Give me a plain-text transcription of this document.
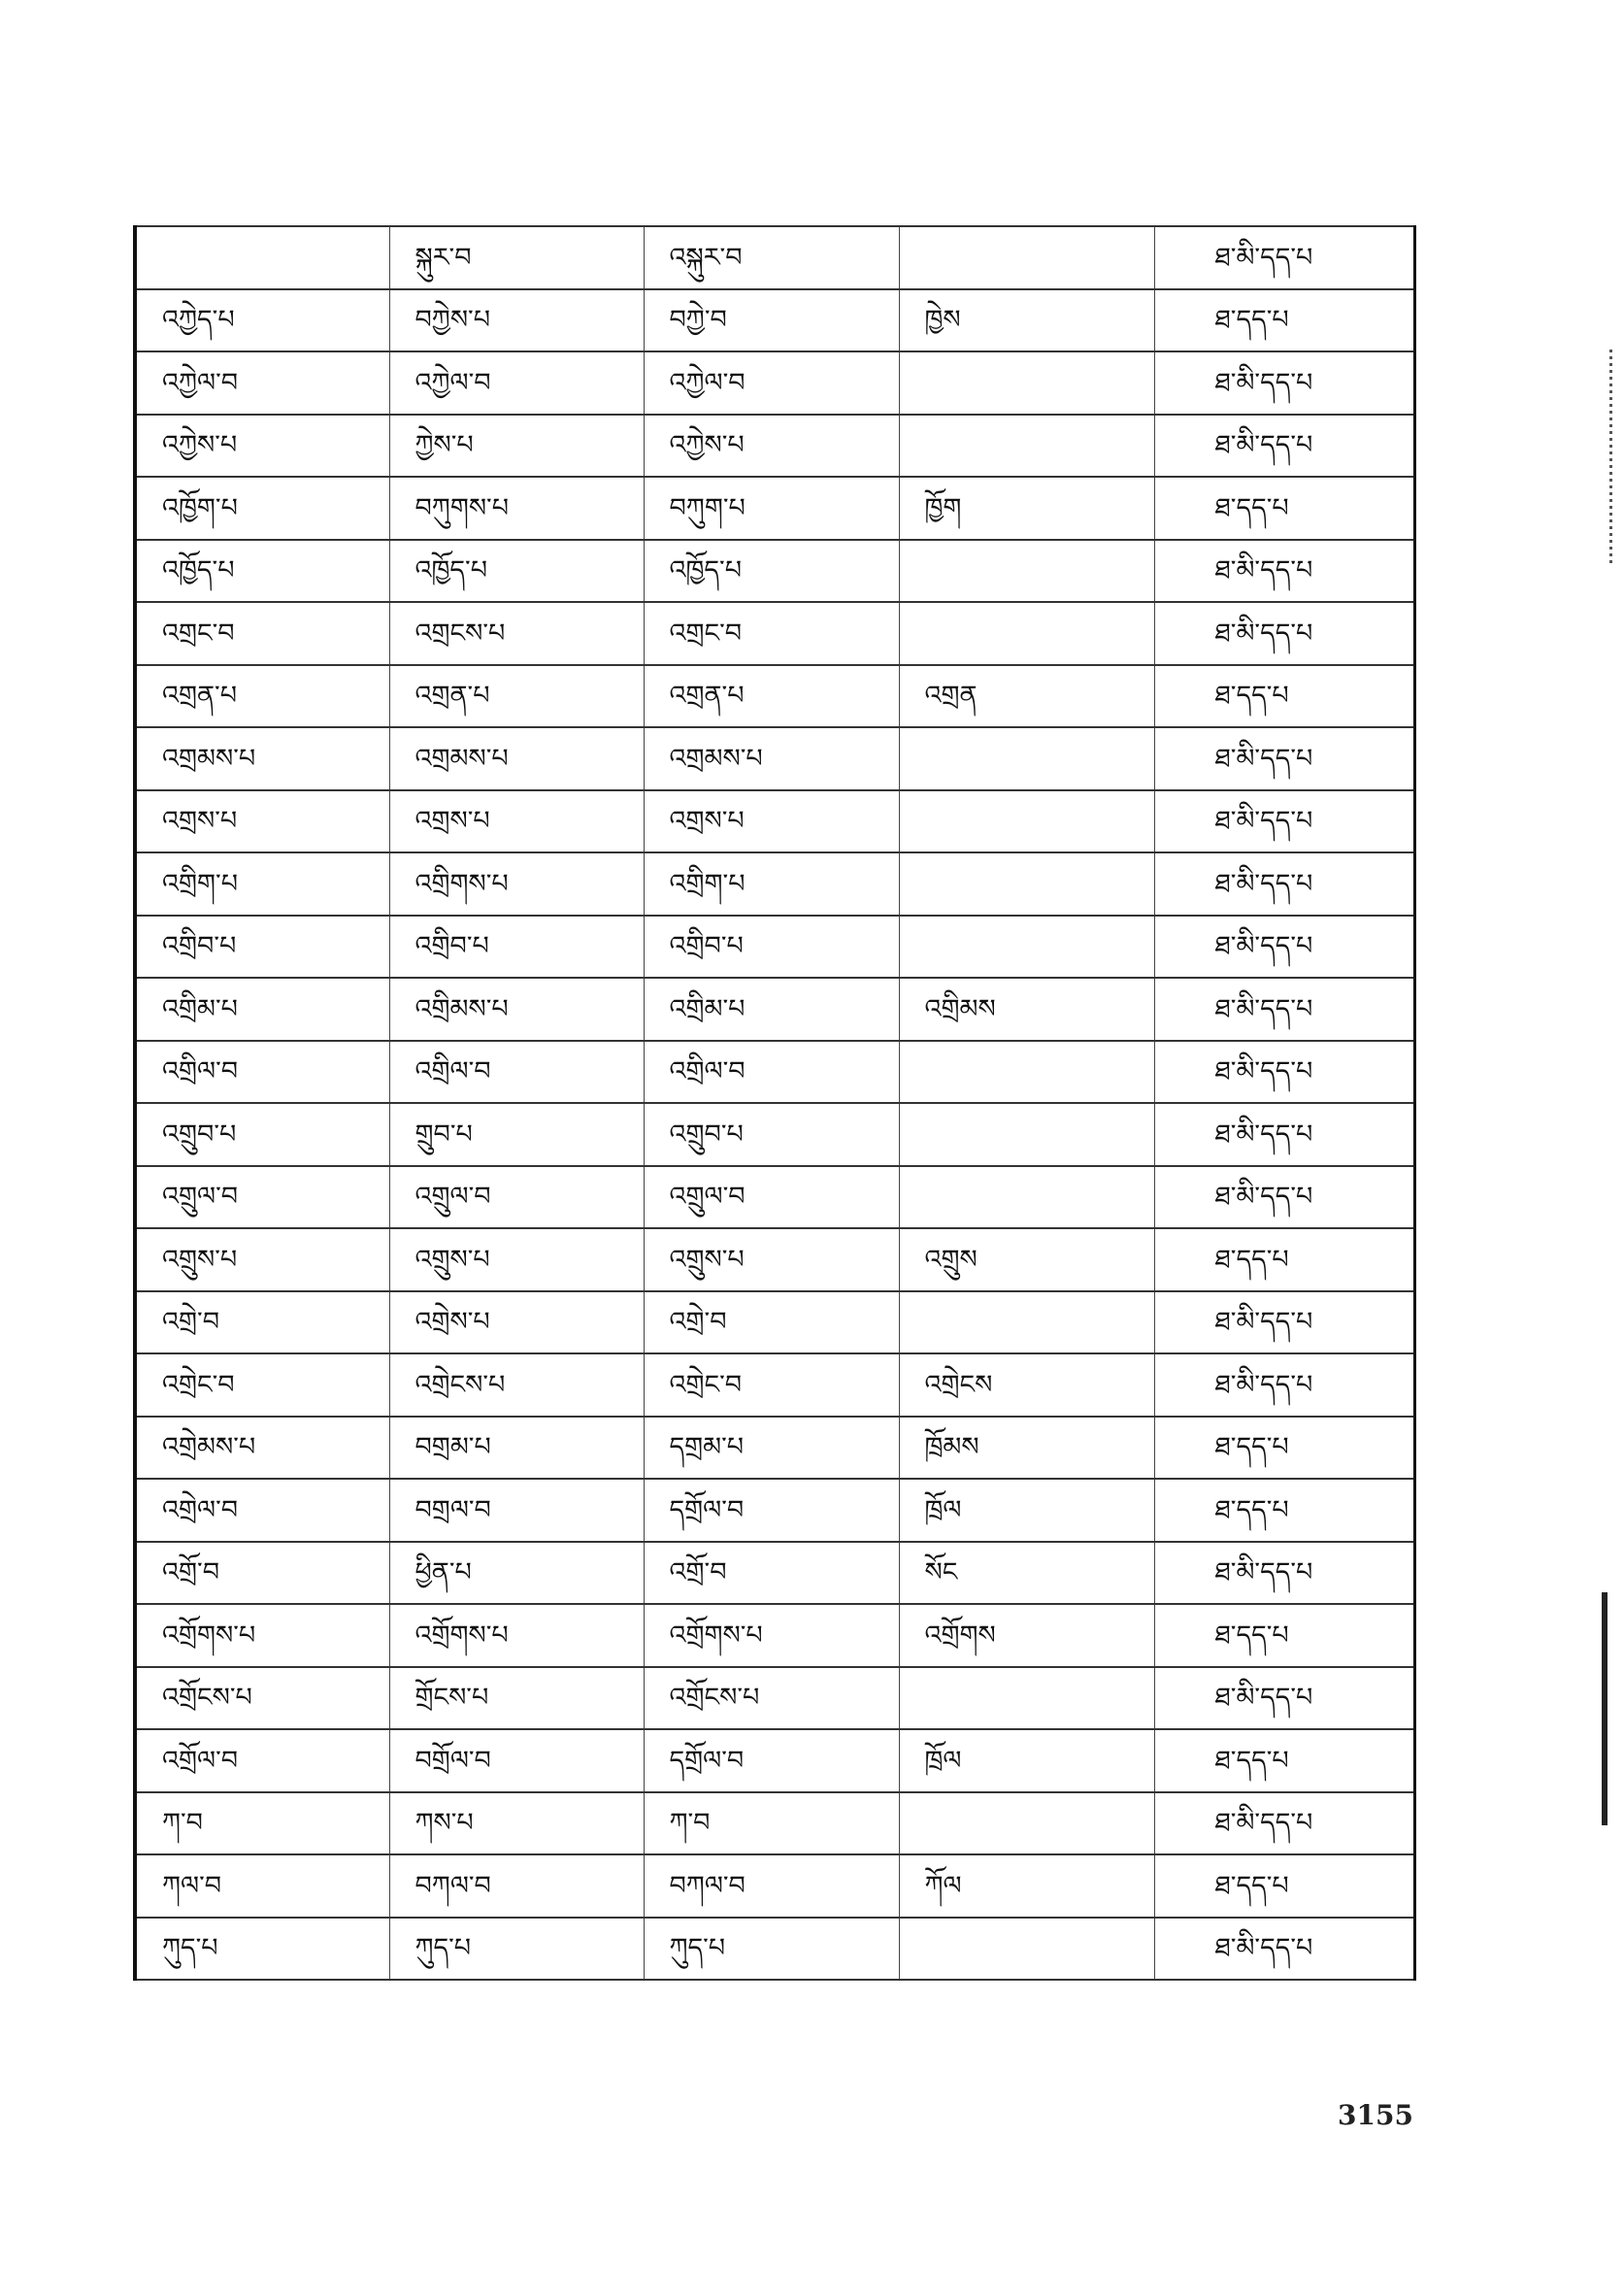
	སྐུར་བ	འསྐུར་བ		ཐ་མི་དད་པ
འཀྱེད་པ	བཀྱེས་པ	བཀྱེ་བ	ཁྱེས	ཐ་དད་པ
འཀྱེལ་བ	འཀྱེལ་བ	འཀྱེལ་བ		ཐ་མི་དད་པ
འཀྱེས་པ	ཀྱེས་པ	འཀྱེས་པ		ཐ་མི་དད་པ
འཁྱོག་པ	བཀུགས་པ	བཀུག་པ	ཁྱོག	ཐ་དད་པ
འཁྱོད་པ	འཁྱོད་པ	འཁྱོད་པ		ཐ་མི་དད་པ
འགྲང་བ	འགྲངས་པ	འགྲང་བ		ཐ་མི་དད་པ
འགྲན་པ	འགྲན་པ	འགྲན་པ	འགྲན	ཐ་དད་པ
འགྲམས་པ	འགྲམས་པ	འགྲམས་པ		ཐ་མི་དད་པ
འགྲས་པ	འགྲས་པ	འགྲས་པ		ཐ་མི་དད་པ
འགྲིག་པ	འགྲིགས་པ	འགྲིག་པ		ཐ་མི་དད་པ
འགྲིབ་པ	འགྲིབ་པ	འགྲིབ་པ		ཐ་མི་དད་པ
འགྲིམ་པ	འགྲིམས་པ	འགྲིམ་པ	འགྲིམས	ཐ་མི་དད་པ
འགྲིལ་བ	འགྲིལ་བ	འགྲིལ་བ		ཐ་མི་དད་པ
འགྲུབ་པ	གྲུབ་པ	འགྲུབ་པ		ཐ་མི་དད་པ
འགྲུལ་བ	འགྲུལ་བ	འགྲུལ་བ		ཐ་མི་དད་པ
འགྲུས་པ	འགྲུས་པ	འགྲུས་པ	འགྲུས	ཐ་དད་པ
འགྲེ་བ	འགྲེས་པ	འགྲེ་བ		ཐ་མི་དད་པ
འགྲེང་བ	འགྲེངས་པ	འགྲེང་བ	འགྲེངས	ཐ་མི་དད་པ
འགྲེམས་པ	བགྲམ་པ	དགྲམ་པ	ཁྲོམས	ཐ་དད་པ
འགྲེལ་བ	བགྲལ་བ	དགྲོལ་བ	ཁྲོལ	ཐ་དད་པ
འགྲོ་བ	ཕྱིན་པ	འགྲོ་བ	སོང	ཐ་མི་དད་པ
འགྲོགས་པ	འགྲོགས་པ	འགྲོགས་པ	འགྲོགས	ཐ་དད་པ
འགྲོངས་པ	གྲོངས་པ	འགྲོངས་པ		ཐ་མི་དད་པ
འགྲོལ་བ	བགྲོལ་བ	དགྲོལ་བ	ཁྲོལ	ཐ་དད་པ
ཀ་བ	ཀས་པ	ཀ་བ		ཐ་མི་དད་པ
ཀལ་བ	བཀལ་བ	བཀལ་བ	ཀོལ	ཐ་དད་པ
ཀུད་པ	ཀུད་པ	ཀུད་པ		ཐ་མི་དད་པ
3155
